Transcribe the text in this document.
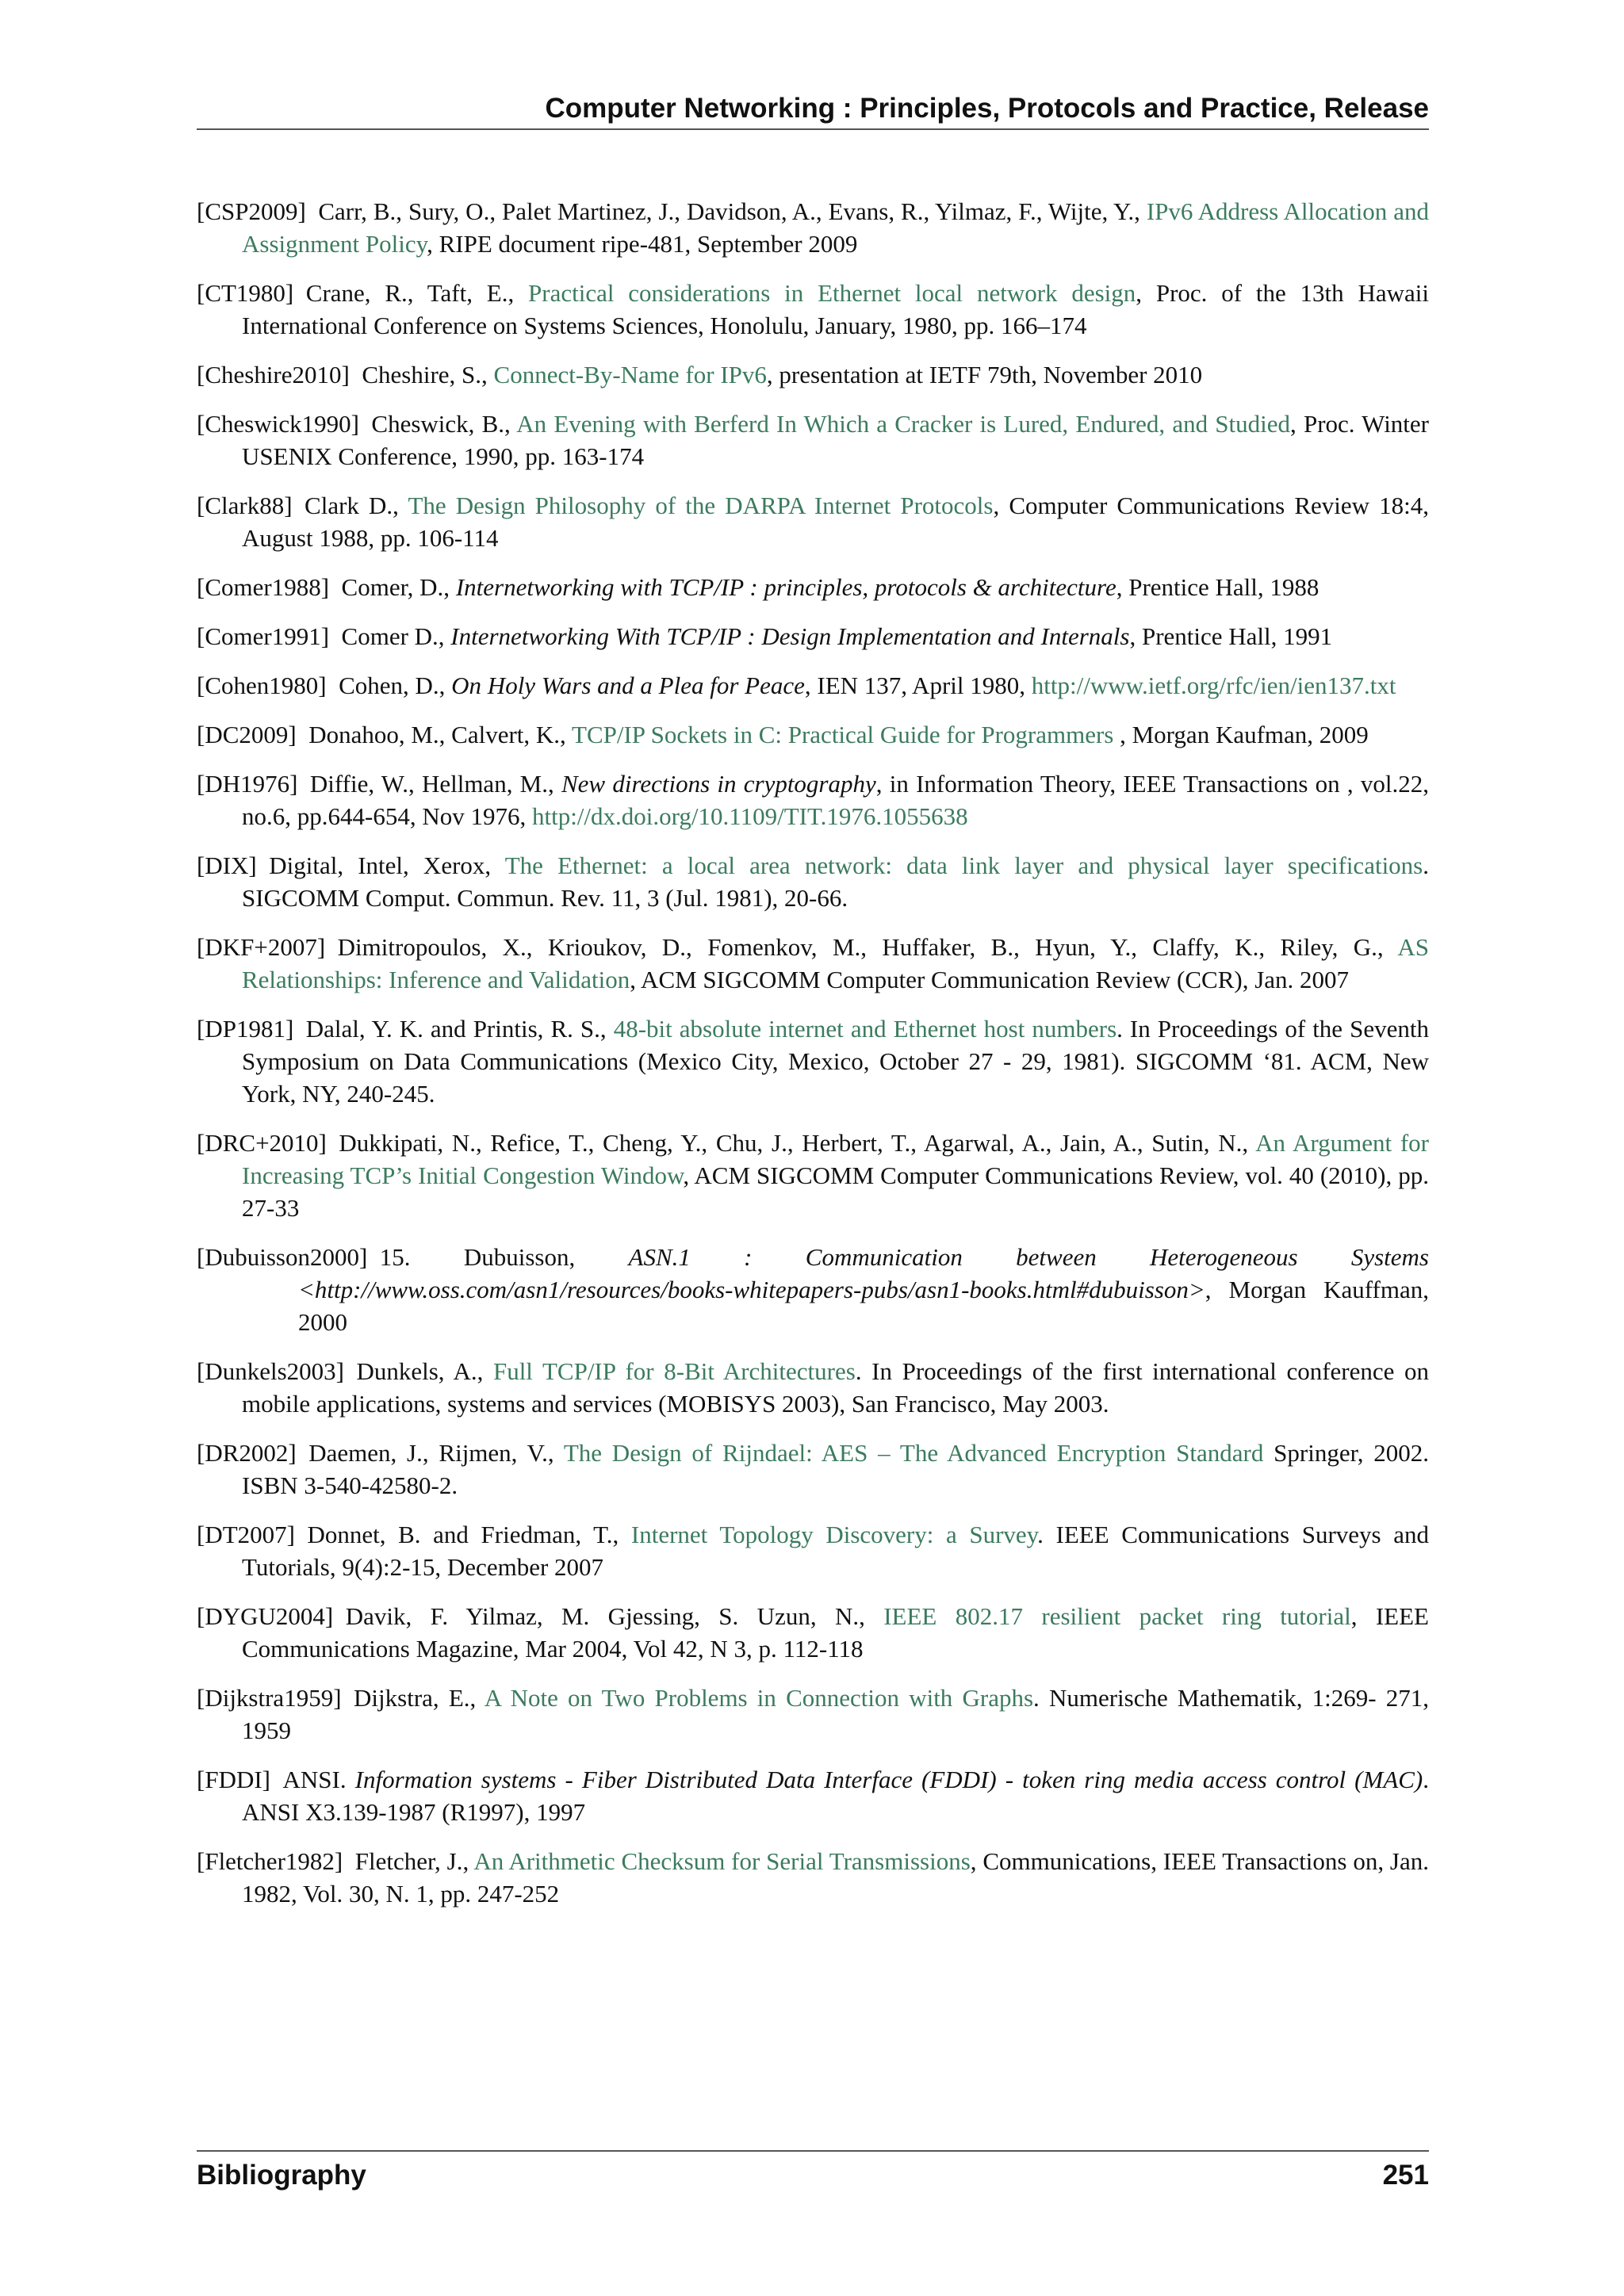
Computer Networking : Principles, Protocols and Practice, Release
[CSP2009]  Carr, B., Sury, O., Palet Martinez, J., Davidson, A., Evans, R., Yilmaz, F., Wijte, Y., IPv6 Address Allocation and Assignment Policy, RIPE document ripe-481, September 2009
[CT1980]  Crane, R., Taft, E., Practical considerations in Ethernet local network design, Proc. of the 13th Hawaii International Conference on Systems Sciences, Honolulu, January, 1980, pp. 166–174
[Cheshire2010]  Cheshire, S., Connect-By-Name for IPv6, presentation at IETF 79th, November 2010
[Cheswick1990]  Cheswick, B., An Evening with Berferd In Which a Cracker is Lured, Endured, and Studied, Proc. Winter USENIX Conference, 1990, pp. 163-174
[Clark88]  Clark D., The Design Philosophy of the DARPA Internet Protocols, Computer Communications Review 18:4, August 1988, pp. 106-114
[Comer1988]  Comer, D., Internetworking with TCP/IP : principles, protocols & architecture, Prentice Hall, 1988
[Comer1991]  Comer D., Internetworking With TCP/IP : Design Implementation and Internals, Prentice Hall, 1991
[Cohen1980]  Cohen, D., On Holy Wars and a Plea for Peace, IEN 137, April 1980, http://www.ietf.org/rfc/ien/ien137.txt
[DC2009]  Donahoo, M., Calvert, K., TCP/IP Sockets in C: Practical Guide for Programmers , Morgan Kaufman, 2009
[DH1976]  Diffie, W., Hellman, M., New directions in cryptography, in Information Theory, IEEE Transactions on , vol.22, no.6, pp.644-654, Nov 1976, http://dx.doi.org/10.1109/TIT.1976.1055638
[DIX]  Digital, Intel, Xerox, The Ethernet: a local area network: data link layer and physical layer specifications. SIGCOMM Comput. Commun. Rev. 11, 3 (Jul. 1981), 20-66.
[DKF+2007]  Dimitropoulos, X., Krioukov, D., Fomenkov, M., Huffaker, B., Hyun, Y., Claffy, K., Riley, G., AS Relationships: Inference and Validation, ACM SIGCOMM Computer Communication Review (CCR), Jan. 2007
[DP1981]  Dalal, Y. K. and Printis, R. S., 48-bit absolute internet and Ethernet host numbers. In Proceedings of the Seventh Symposium on Data Communications (Mexico City, Mexico, October 27 - 29, 1981). SIGCOMM ‘81. ACM, New York, NY, 240-245.
[DRC+2010]  Dukkipati, N., Refice, T., Cheng, Y., Chu, J., Herbert, T., Agarwal, A., Jain, A., Sutin, N., An Argument for Increasing TCP’s Initial Congestion Window, ACM SIGCOMM Computer Communications Review, vol. 40 (2010), pp. 27-33
[Dubuisson2000]  15. Dubuisson, ASN.1 : Communication between Heterogeneous Systems <http://www.oss.com/asn1/resources/books-whitepapers-pubs/asn1-books.html#dubuisson>, Morgan Kauffman, 2000
[Dunkels2003]  Dunkels, A., Full TCP/IP for 8-Bit Architectures. In Proceedings of the first international conference on mobile applications, systems and services (MOBISYS 2003), San Francisco, May 2003.
[DR2002]  Daemen, J., Rijmen, V., The Design of Rijndael: AES – The Advanced Encryption Standard Springer, 2002. ISBN 3-540-42580-2.
[DT2007]  Donnet, B. and Friedman, T., Internet Topology Discovery: a Survey. IEEE Communications Surveys and Tutorials, 9(4):2-15, December 2007
[DYGU2004]  Davik, F. Yilmaz, M. Gjessing, S. Uzun, N., IEEE 802.17 resilient packet ring tutorial, IEEE Communications Magazine, Mar 2004, Vol 42, N 3, p. 112-118
[Dijkstra1959]  Dijkstra, E., A Note on Two Problems in Connection with Graphs. Numerische Mathematik, 1:269- 271, 1959
[FDDI]  ANSI. Information systems - Fiber Distributed Data Interface (FDDI) - token ring media access control (MAC). ANSI X3.139-1987 (R1997), 1997
[Fletcher1982]  Fletcher, J., An Arithmetic Checksum for Serial Transmissions, Communications, IEEE Transactions on, Jan. 1982, Vol. 30, N. 1, pp. 247-252
Bibliography	251
